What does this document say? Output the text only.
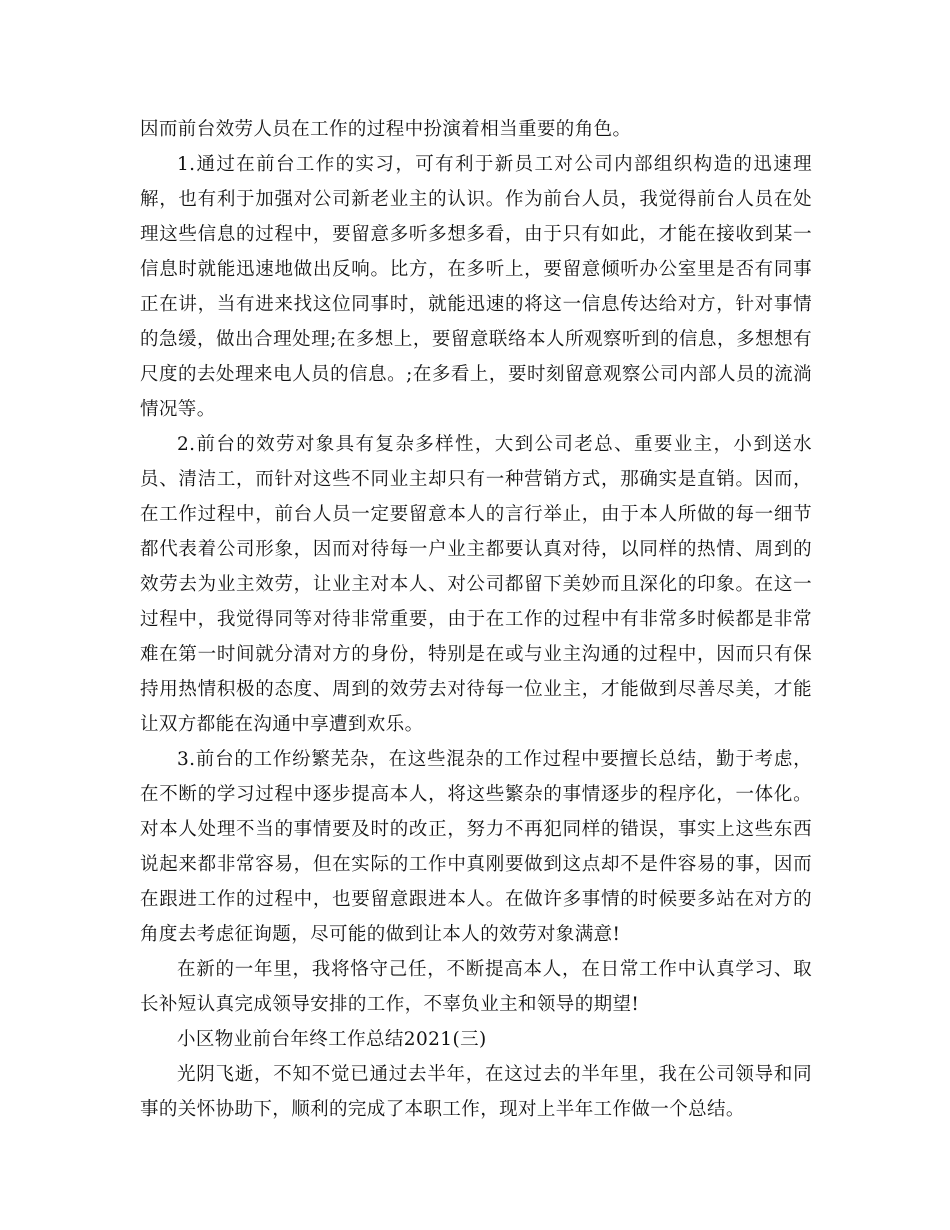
因而前台效劳人员在工作的过程中扮演着相当重要的角色。

1.通过在前台工作的实习，可有利于新员工对公司内部组织构造的迅速理解，也有利于加强对公司新老业主的认识。作为前台人员，我觉得前台人员在处理这些信息的过程中，要留意多听多想多看，由于只有如此，才能在接收到某一信息时就能迅速地做出反响。比方，在多听上，要留意倾听办公室里是否有同事正在讲，当有进来找这位同事时，就能迅速的将这一信息传达给对方，针对事情的急缓，做出合理处理;在多想上，要留意联络本人所观察听到的信息，多想想有尺度的去处理来电人员的信息。;在多看上，要时刻留意观察公司内部人员的流淌情况等。

2.前台的效劳对象具有复杂多样性，大到公司老总、重要业主，小到送水员、清洁工，而针对这些不同业主却只有一种营销方式，那确实是直销。因而，在工作过程中，前台人员一定要留意本人的言行举止，由于本人所做的每一细节都代表着公司形象，因而对待每一户业主都要认真对待，以同样的热情、周到的效劳去为业主效劳，让业主对本人、对公司都留下美妙而且深化的印象。在这一过程中，我觉得同等对待非常重要，由于在工作的过程中有非常多时候都是非常难在第一时间就分清对方的身份，特别是在或与业主沟通的过程中，因而只有保持用热情积极的态度、周到的效劳去对待每一位业主，才能做到尽善尽美，才能让双方都能在沟通中享遭到欢乐。

3.前台的工作纷繁芜杂，在这些混杂的工作过程中要擅长总结，勤于考虑，在不断的学习过程中逐步提高本人，将这些繁杂的事情逐步的程序化，一体化。对本人处理不当的事情要及时的改正，努力不再犯同样的错误，事实上这些东西说起来都非常容易，但在实际的工作中真刚要做到这点却不是件容易的事，因而在跟进工作的过程中，也要留意跟进本人。在做许多事情的时候要多站在对方的角度去考虑征询题，尽可能的做到让本人的效劳对象满意!

在新的一年里，我将恪守己任，不断提高本人，在日常工作中认真学习、取长补短认真完成领导安排的工作，不辜负业主和领导的期望!

小区物业前台年终工作总结2021(三)

光阴飞逝，不知不觉已通过去半年，在这过去的半年里，我在公司领导和同事的关怀协助下，顺利的完成了本职工作，现对上半年工作做一个总结。
